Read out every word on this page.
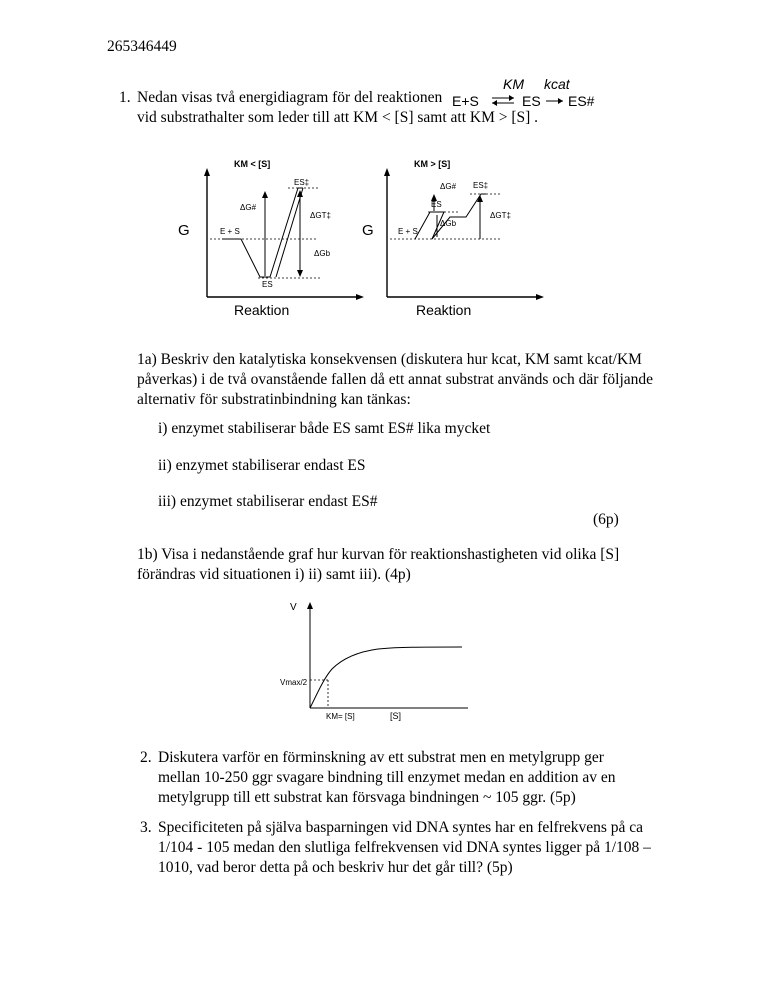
265346449
1. Nedan visas två energidiagram för del reaktionen
vid substrathalter som leder till att KM < [S] samt att KM > [S] .
KM kcat
E+S	ES ES#
KM < [S]
G
Reaktion
ES‡
ΔG#
ΔGT‡
E + S
ΔGb
ES
KM > [S]
G
Reaktion
ΔG# ES‡
ES
ΔGT‡
ΔGb
E + S
1a) Beskriv den katalytiska konsekvensen (diskutera hur kcat, KM samt kcat/KM
påverkas) i de två ovanstående fallen då ett annat substrat används och där följande
alternativ för substratinbindning kan tänkas:
i) enzymet stabiliserar både ES samt ES# lika mycket
ii) enzymet stabiliserar endast ES
iii) enzymet stabiliserar endast ES#
(6p)
1b) Visa i nedanstående graf hur kurvan för reaktionshastigheten vid olika [S]
förändras vid situationen i) ii) samt iii). (4p)
V
Vmax/2
KM= [S]	[S]
2. Diskutera varför en förminskning av ett substrat men en metylgrupp ger
mellan 10-250 ggr svagare bindning till enzymet medan en addition av en
metylgrupp till ett substrat kan försvaga bindningen ~ 105 ggr. (5p)
3. Specificiteten på själva basparningen vid DNA syntes har en felfrekvens på ca
1/104 - 105 medan den slutliga felfrekvensen vid DNA syntes ligger på 1/108 –
1010, vad beror detta på och beskriv hur det går till? (5p)
